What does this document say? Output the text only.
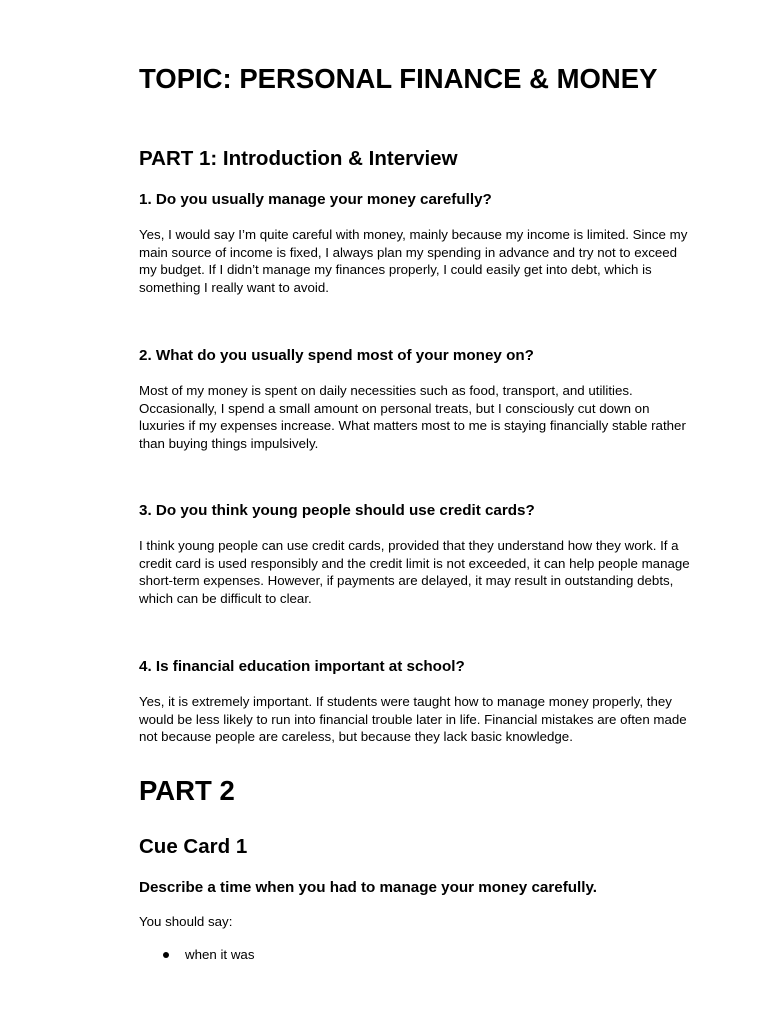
TOPIC: PERSONAL FINANCE & MONEY
PART 1: Introduction & Interview
1. Do you usually manage your money carefully?

Yes, I would say I’m quite careful with money, mainly because my income is limited. Since my
main source of income is fixed, I always plan my spending in advance and try not to exceed
my budget. If I didn’t manage my finances properly, I could easily get into debt, which is
something I really want to avoid.

2. What do you usually spend most of your money on?

Most of my money is spent on daily necessities such as food, transport, and utilities.
Occasionally, I spend a small amount on personal treats, but I consciously cut down on
luxuries if my expenses increase. What matters most to me is staying financially stable rather
than buying things impulsively.

3. Do you think young people should use credit cards?

I think young people can use credit cards, provided that they understand how they work. If a
credit card is used responsibly and the credit limit is not exceeded, it can help people manage
short-term expenses. However, if payments are delayed, it may result in outstanding debts,
which can be difficult to clear.

4. Is financial education important at school?

Yes, it is extremely important. If students were taught how to manage money properly, they
would be less likely to run into financial trouble later in life. Financial mistakes are often made
not because people are careless, but because they lack basic knowledge.

PART 2
Cue Card 1
Describe a time when you had to manage your money carefully.

You should say:

when it was
